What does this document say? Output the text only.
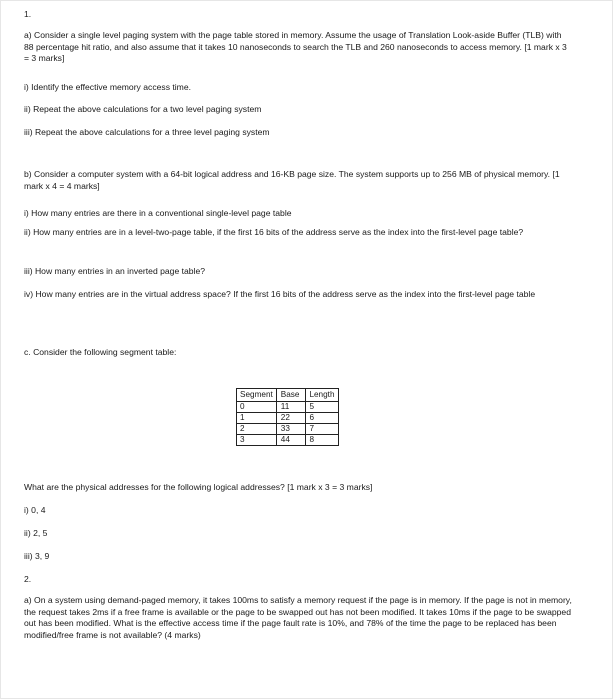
1.

a) Consider a single level paging system with the page table stored in memory. Assume the usage of Translation Look-aside Buffer (TLB) with 88 percentage hit ratio, and also assume that it takes 10 nanoseconds to search the TLB and 260 nanoseconds to access memory. [1 mark x 3 = 3 marks]

i) Identify the effective memory access time.

ii) Repeat the above calculations for a two level paging system

iii) Repeat the above calculations for a three level paging system

b) Consider a computer system with a 64-bit logical address and 16-KB page size. The system supports up to 256 MB of physical memory. [1 mark x 4 = 4 marks]

i) How many entries are there in a conventional single-level page table

ii) How many entries are in a level-two-page table, if the first 16 bits of the address serve as the index into the first-level page table?

iii) How many entries in an inverted page table?

iv) How many entries are in the virtual address space? If the first 16 bits of the address serve as the index into the first-level page table

c. Consider the following segment table:

Segment	Base	Length
0	11	5
1	22	6
2	33	7
3	44	8

What are the physical addresses for the following logical addresses? [1 mark x 3 = 3 marks]

i) 0, 4

ii) 2, 5

iii) 3, 9

2.

a) On a system using demand-paged memory, it takes 100ms to satisfy a memory request if the page is in memory. If the page is not in memory, the request takes 2ms if a free frame is available or the page to be swapped out has not been modified. It takes 10ms if the page to be swapped out has been modified. What is the effective access time if the page fault rate is 10%, and 78% of the time the page to be replaced has been modified/free frame is not available? (4 marks)
